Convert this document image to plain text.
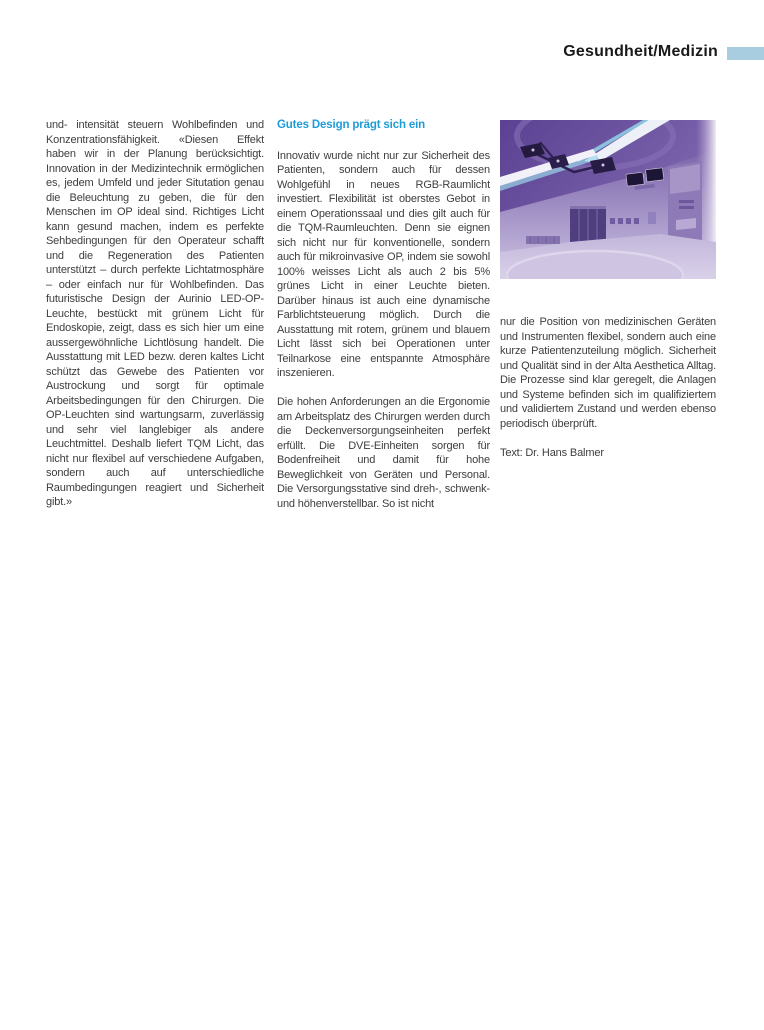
Gesundheit/Medizin

und- intensität steuern Wohlbefinden und Konzentrationsfähigkeit. «Diesen Effekt haben wir in der Planung berücksichtigt. Innovation in der Medizintechnik ermöglichen es, jedem Umfeld und jeder Situtation genau die Beleuchtung zu geben, die für den Menschen im OP ideal sind. Richtiges Licht kann gesund machen, indem es perfekte Sehbedingungen für den Operateur schafft und die Regeneration des Patienten unterstützt – durch perfekte Lichtatmosphäre – oder einfach nur für Wohlbefinden. Das futuristische Design der Aurinio LED-OP-Leuchte, bestückt mit grünem Licht für Endoskopie, zeigt, dass es sich hier um eine aussergewöhnliche Lichtlösung handelt. Die Ausstattung mit LED bezw. deren kaltes Licht schützt das Gewebe des Patienten vor Austrockung und sorgt für optimale Arbeitsbedingungen für den Chirurgen. Die OP-Leuchten sind wartungsarm, zuverlässig und sehr viel langlebiger als andere Leuchtmittel. Deshalb liefert TQM Licht, das nicht nur flexibel auf verschiedene Aufgaben, sondern auch auf unterschiedliche Raumbedingungen reagiert und Sicherheit gibt.»

Gutes Design prägt sich ein

Innovativ wurde nicht nur zur Sicherheit des Patienten, sondern auch für dessen Wohlgefühl in neues RGB-Raumlicht investiert. Flexibilität ist oberstes Gebot in einem Operationssaal und dies gilt auch für die TQM-Raumleuchten. Denn sie eignen sich nicht nur für konventionelle, sondern auch für mikroinvasive OP, indem sie sowohl 100% weisses Licht als auch 2 bis 5% grünes Licht in einer Leuchte bieten. Darüber hinaus ist auch eine dynamische Farblichtsteuerung möglich. Durch die Ausstattung mit rotem, grünem und blauem Licht lässt sich bei Operationen unter Teilnarkose eine entspannte Atmosphäre inszenieren.

Die hohen Anforderungen an die Ergonomie am Arbeitsplatz des Chirurgen werden durch die Deckenversorgungseinheiten perfekt erfüllt. Die DVE-Einheiten sorgen für Bodenfreiheit und damit für hohe Beweglichkeit von Geräten und Personal. Die Versorgungsstative sind dreh-, schwenk- und höhenverstellbar. So ist nicht

nur die Position von medizinischen Geräten und Instrumenten flexibel, sondern auch eine kurze Patientenzuteilung möglich. Sicherheit und Qualität sind in der Alta Aesthetica Alltag. Die Prozesse sind klar geregelt, die Anlagen und Systeme befinden sich im qualifiziertem und validiertem Zustand und werden ebenso periodisch überprüft.

Text: Dr. Hans Balmer
